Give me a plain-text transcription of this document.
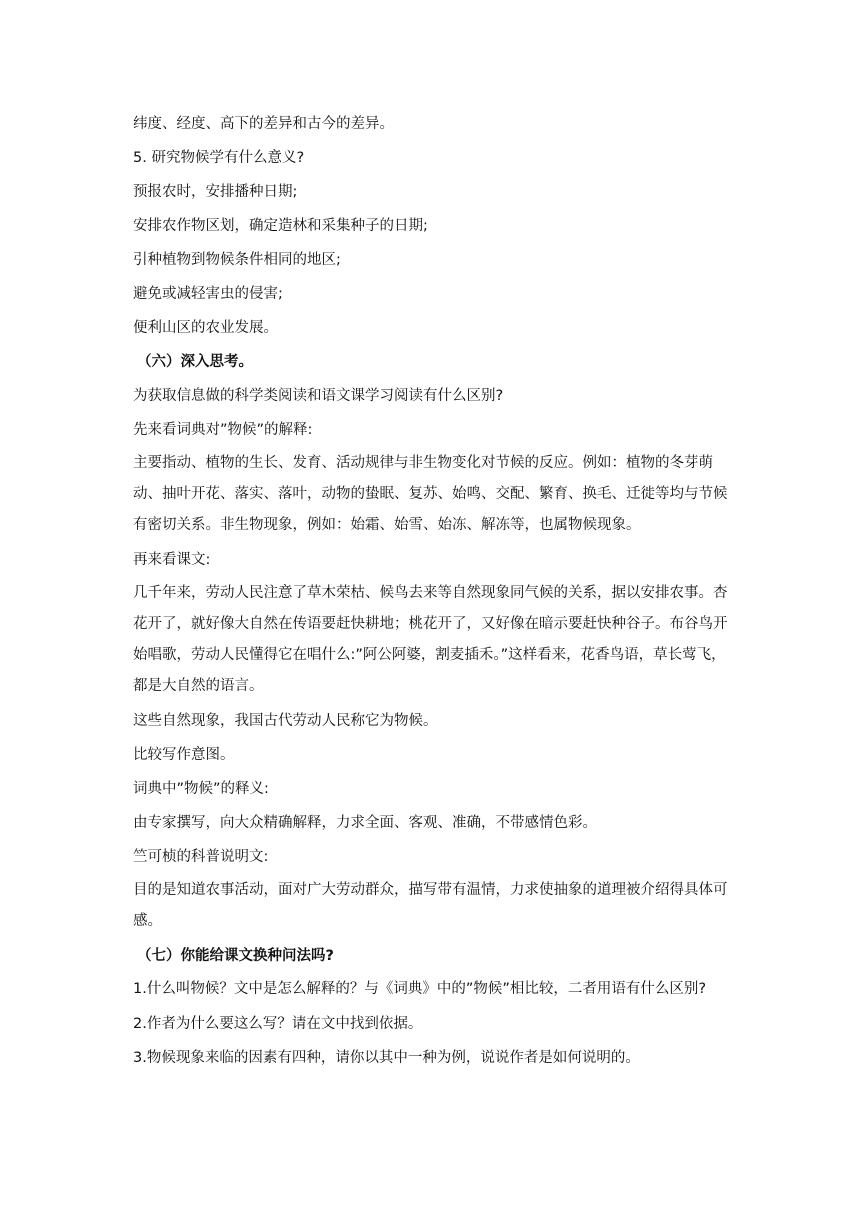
纬度、经度、高下的差异和古今的差异。

5. 研究物候学有什么意义?

预报农时，安排播种日期;

安排农作物区划，确定造林和采集种子的日期;

引种植物到物候条件相同的地区;

避免或减轻害虫的侵害;

便利山区的农业发展。

（六）深入思考。

为获取信息做的科学类阅读和语文课学习阅读有什么区别?

先来看词典对”物候”的解释:

主要指动、植物的生长、发育、活动规律与非生物变化对节候的反应。例如：植物的冬芽萌动、抽叶开花、落实、落叶，动物的蛰眠、复苏、始鸣、交配、繁育、换毛、迁徙等均与节候有密切关系。非生物现象，例如：始霜、始雪、始冻、解冻等，也属物候现象。

再来看课文:

几千年来，劳动人民注意了草木荣枯、候鸟去来等自然现象同气候的关系，据以安排农事。杏花开了，就好像大自然在传语要赶快耕地；桃花开了，又好像在暗示要赶快种谷子。布谷鸟开始唱歌，劳动人民懂得它在唱什么:”阿公阿婆，割麦插禾。”这样看来，花香鸟语，草长莺飞，都是大自然的语言。

这些自然现象，我国古代劳动人民称它为物候。

比较写作意图。

词典中”物候”的释义:

由专家撰写，向大众精确解释，力求全面、客观、准确，不带感情色彩。

竺可桢的科普说明文:

目的是知道农事活动，面对广大劳动群众，描写带有温情，力求使抽象的道理被介绍得具体可感。

（七）你能给课文换种问法吗?

1.什么叫物候？文中是怎么解释的？与《词典》中的”物候”相比较，二者用语有什么区别?

2.作者为什么要这么写？请在文中找到依据。

3.物候现象来临的因素有四种，请你以其中一种为例，说说作者是如何说明的。
